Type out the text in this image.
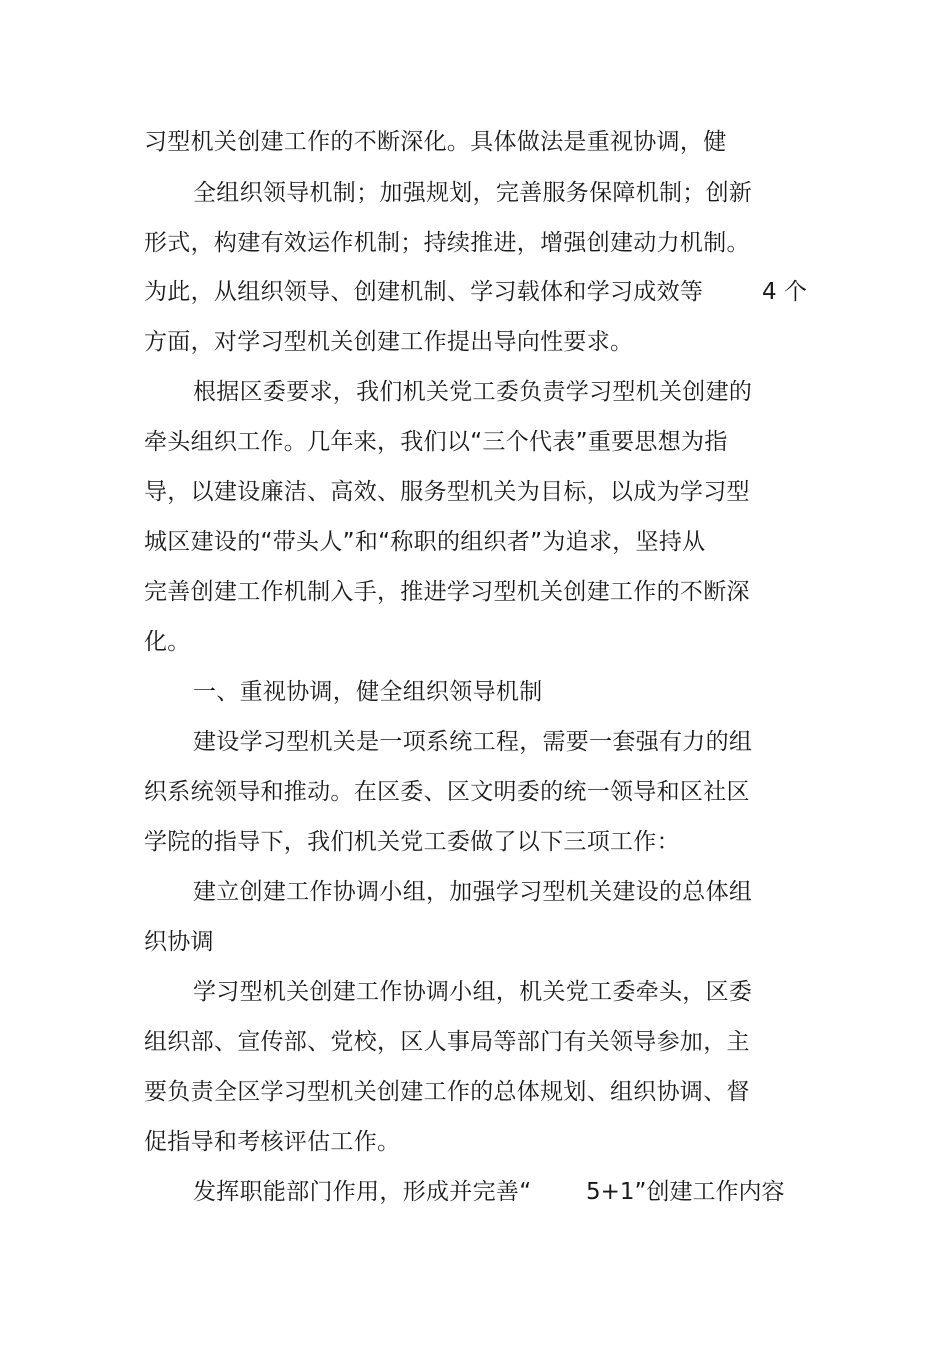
习型机关创建工作的不断深化。具体做法是重视协调，健
全组织领导机制；加强规划，完善服务保障机制；创新
形式，构建有效运作机制；持续推进，增强创建动力机制。
为此，从组织领导、创建机制、学习载体和学习成效等	4 个
方面，对学习型机关创建工作提出导向性要求。
根据区委要求，我们机关党工委负责学习型机关创建的
牵头组织工作。几年来，我们以“三个代表”重要思想为指
导，以建设廉洁、高效、服务型机关为目标，以成为学习型
城区建设的“带头人”和“称职的组织者”为追求，坚持从
完善创建工作机制入手，推进学习型机关创建工作的不断深
化。
一、重视协调，健全组织领导机制
建设学习型机关是一项系统工程，需要一套强有力的组
织系统领导和推动。在区委、区文明委的统一领导和区社区
学院的指导下，我们机关党工委做了以下三项工作：
建立创建工作协调小组，加强学习型机关建设的总体组
织协调
学习型机关创建工作协调小组，机关党工委牵头，区委
组织部、宣传部、党校，区人事局等部门有关领导参加，主
要负责全区学习型机关创建工作的总体规划、组织协调、督
促指导和考核评估工作。
发挥职能部门作用，形成并完善“ 5+1”创建工作内容
